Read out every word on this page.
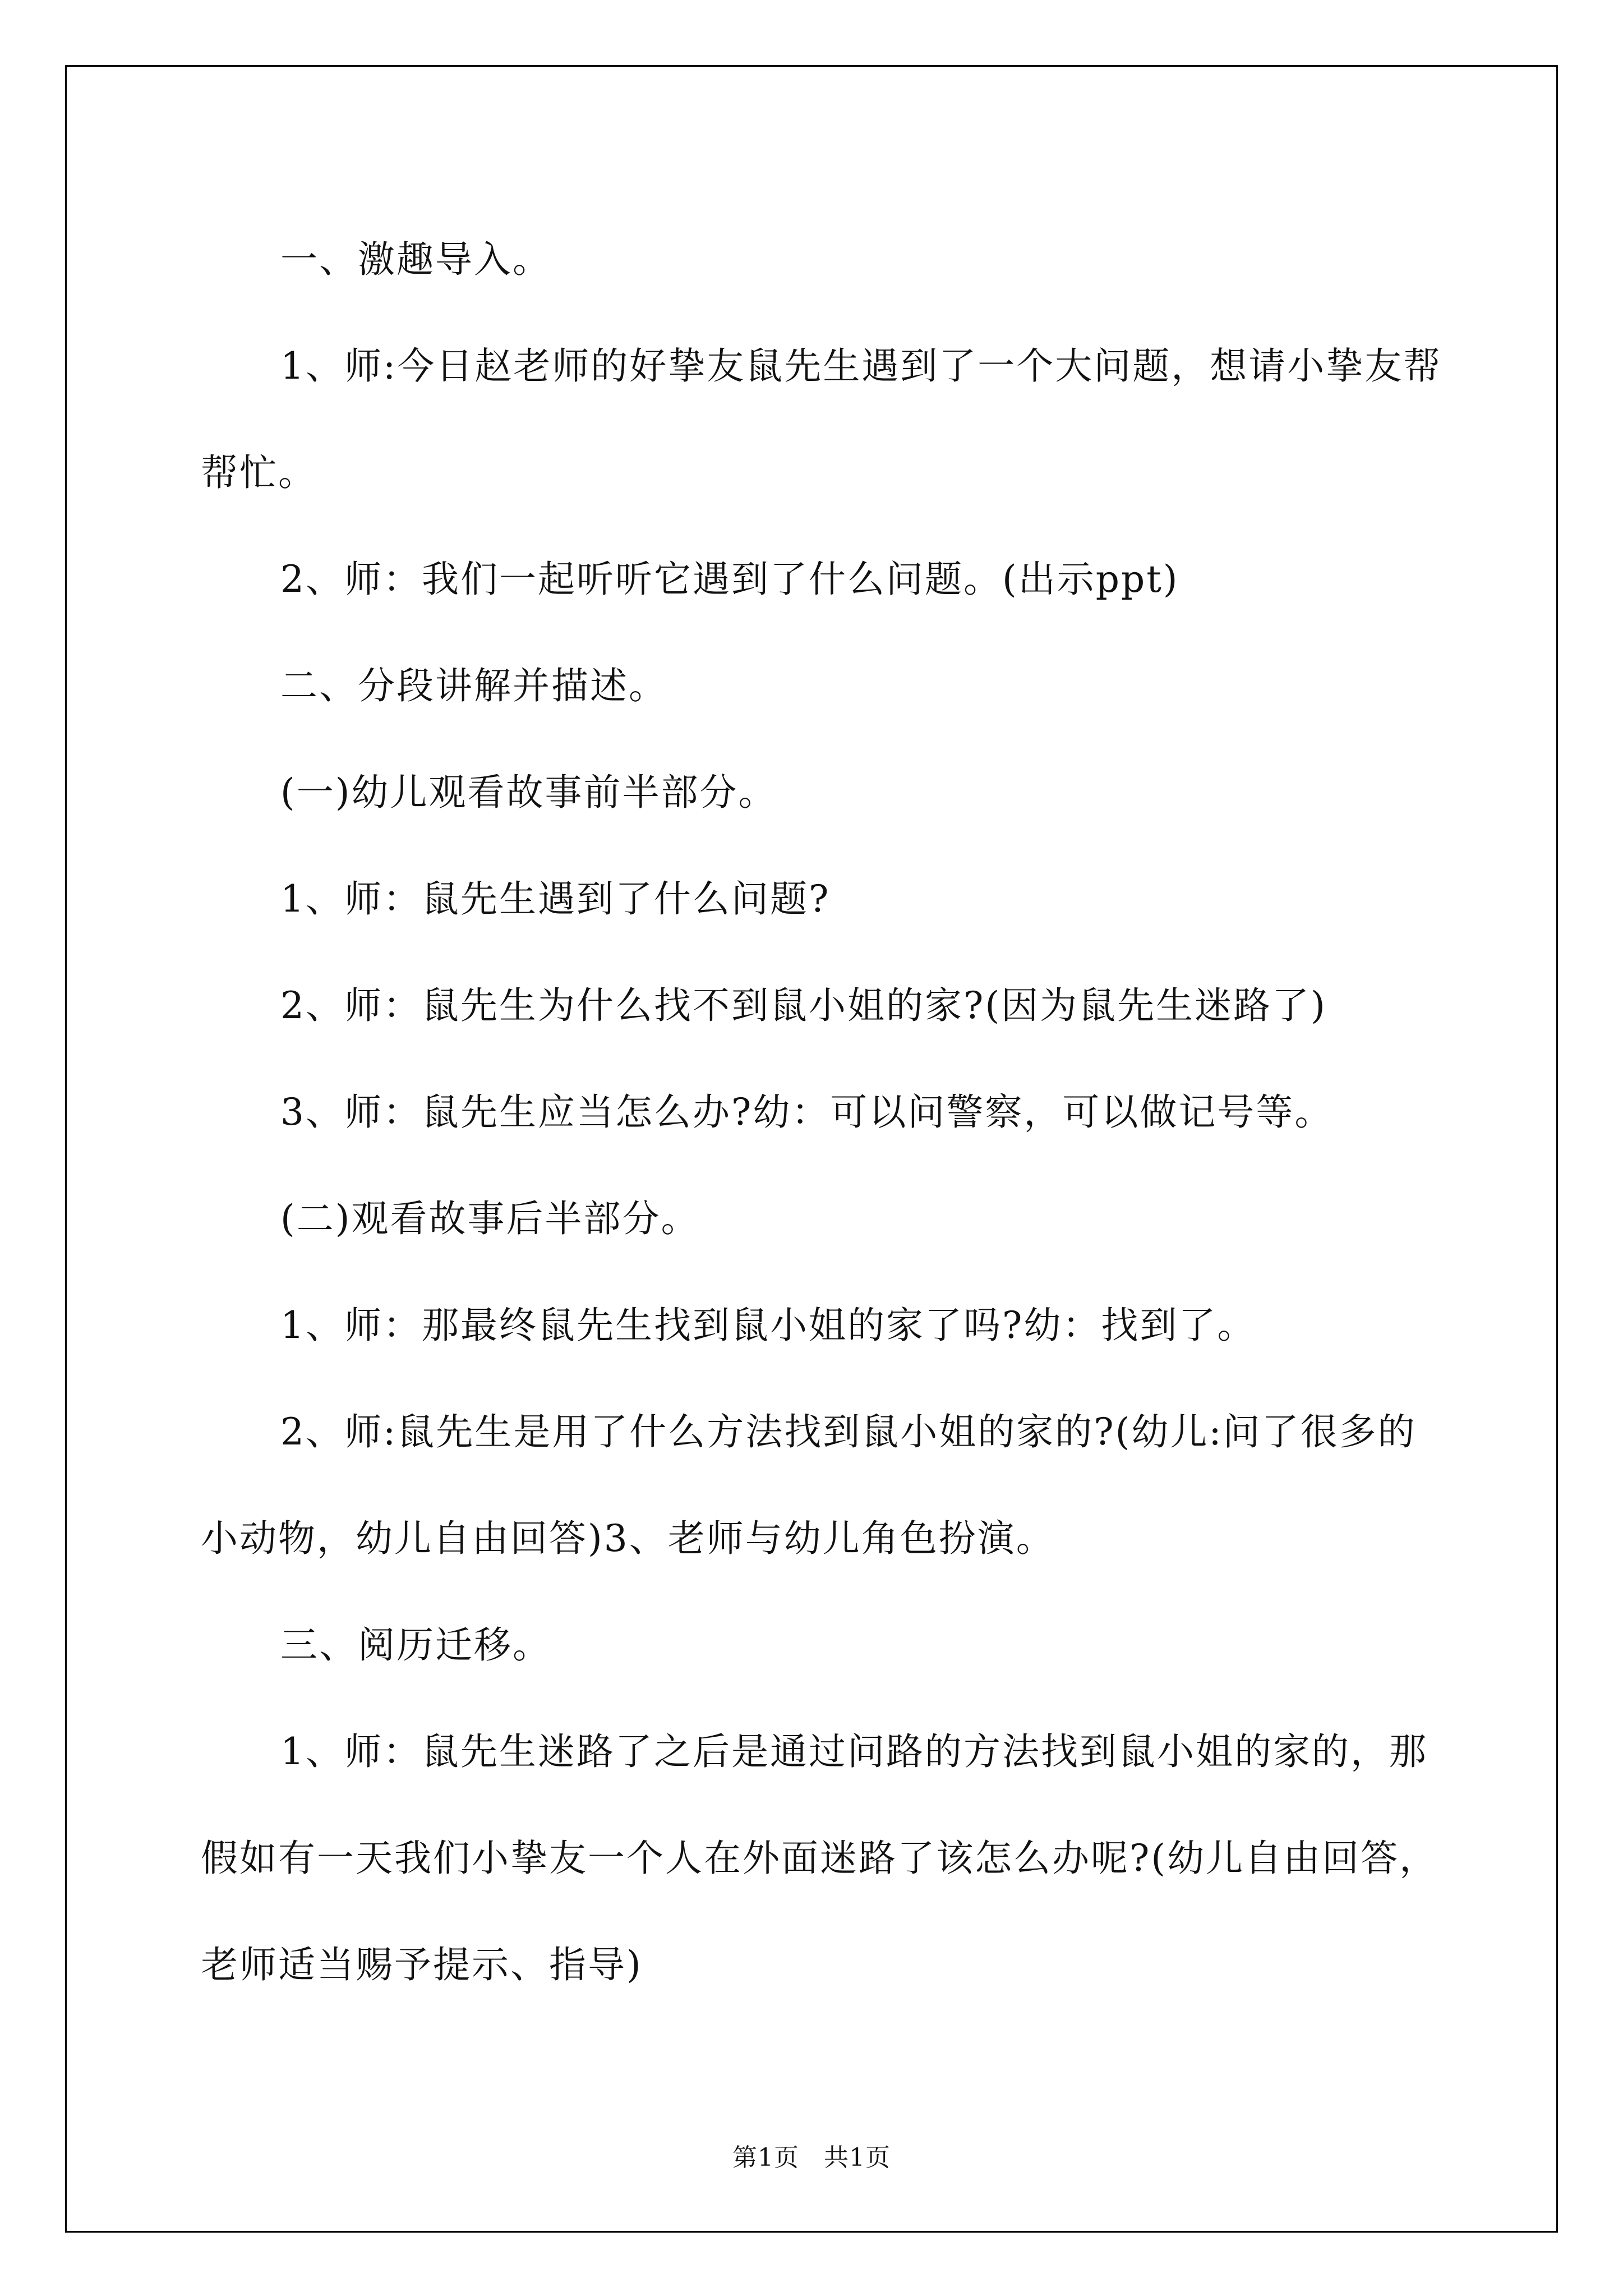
一、激趣导入。

1、师:今日赵老师的好挚友鼠先生遇到了一个大问题，想请小挚友帮帮忙。

2、师：我们一起听听它遇到了什么问题。(出示ppt)

二、分段讲解并描述。

(一)幼儿观看故事前半部分。

1、师：鼠先生遇到了什么问题?

2、师：鼠先生为什么找不到鼠小姐的家?(因为鼠先生迷路了)

3、师：鼠先生应当怎么办?幼：可以问警察，可以做记号等。

(二)观看故事后半部分。

1、师：那最终鼠先生找到鼠小姐的家了吗?幼：找到了。

2、师:鼠先生是用了什么方法找到鼠小姐的家的?(幼儿:问了很多的小动物，幼儿自由回答)3、老师与幼儿角色扮演。

三、阅历迁移。

1、师：鼠先生迷路了之后是通过问路的方法找到鼠小姐的家的，那假如有一天我们小挚友一个人在外面迷路了该怎么办呢?(幼儿自由回答，老师适当赐予提示、指导)

第1页 共1页
